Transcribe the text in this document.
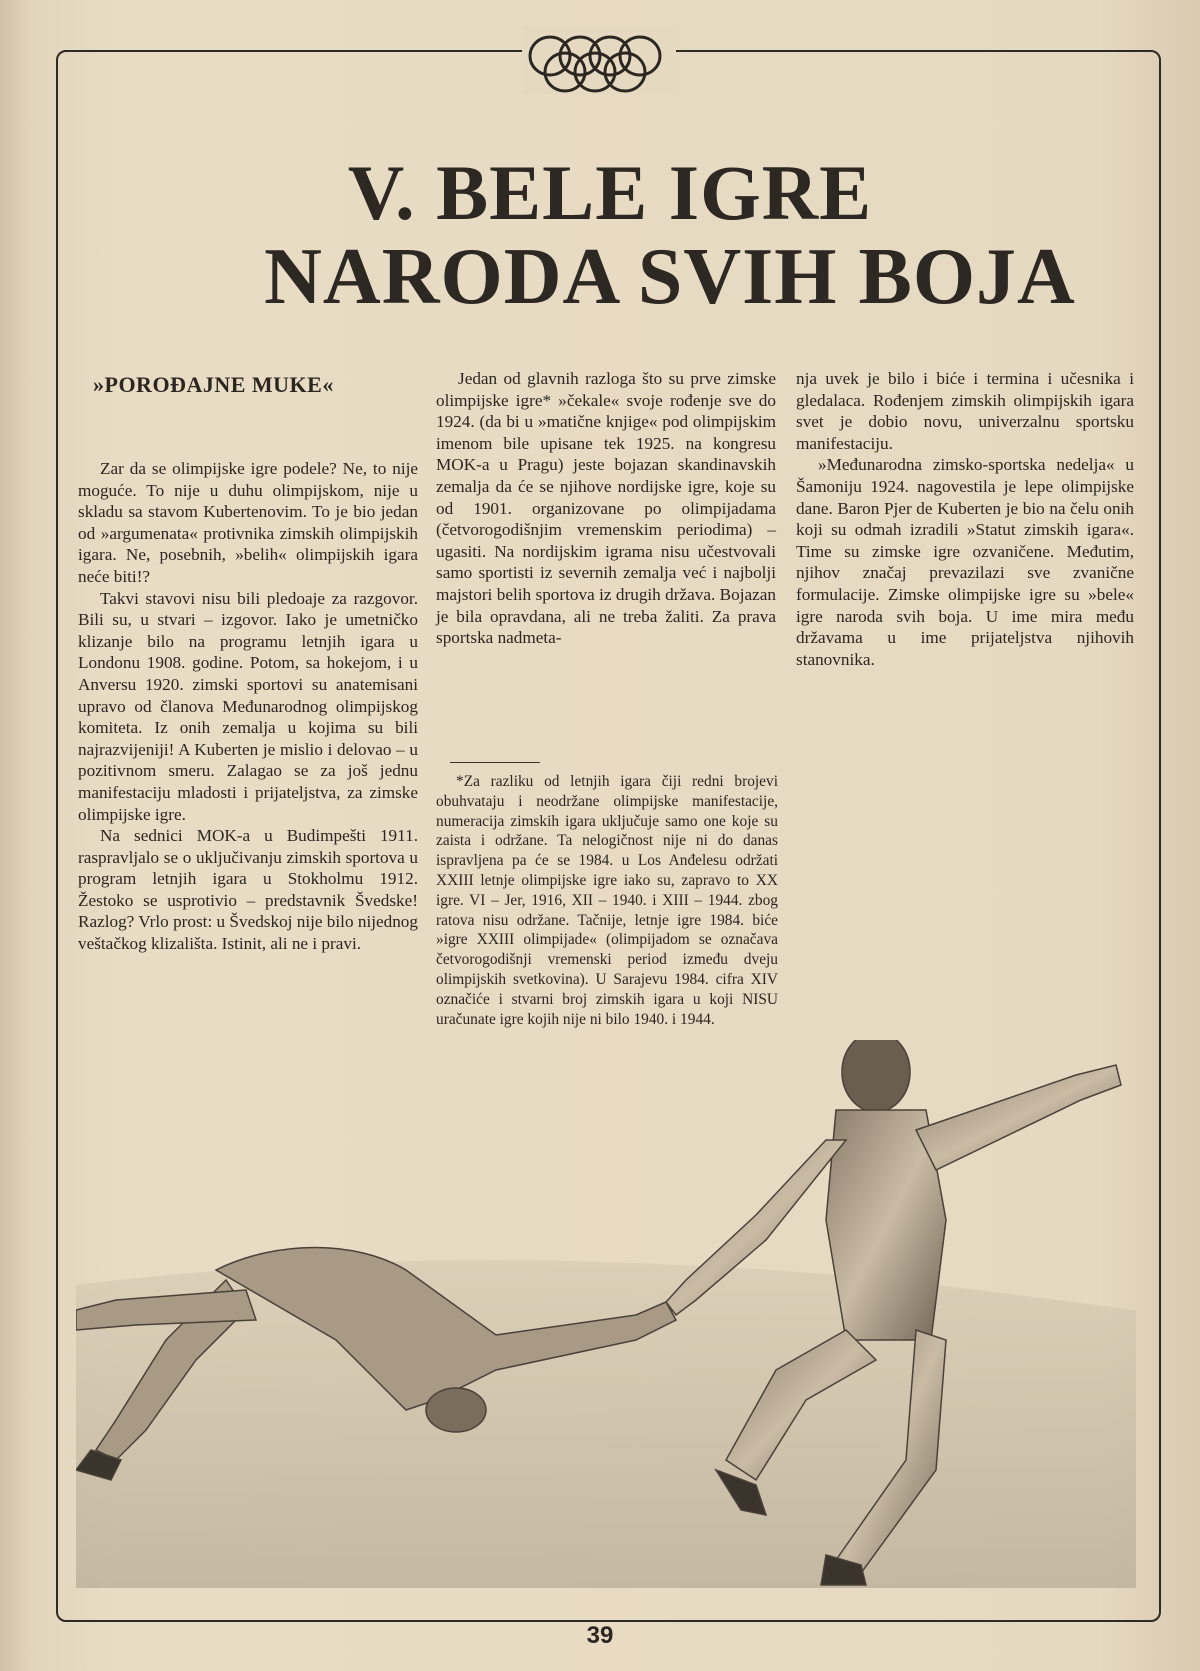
V. BELE IGRE
NARODA SVIH BOJA
»POROĐAJNE MUKE«

Zar da se olimpijske igre podele? Ne, to nije moguće. To nije u duhu olimpijskom, nije u skladu sa stavom Kubertenovim. To je bio jedan od »argumenata« protivnika zimskih olimpijskih igara. Ne, posebnih, »belih« olimpijskih igara neće biti!?

Takvi stavovi nisu bili pledoaje za razgovor. Bili su, u stvari – izgovor. Iako je umetničko klizanje bilo na programu letnjih igara u Londonu 1908. godine. Potom, sa hokejom, i u Anversu 1920. zimski sportovi su anatemisani upravo od članova Međunarodnog olimpijskog komiteta. Iz onih zemalja u kojima su bili najrazvijeniji! A Kuberten je mislio i delovao – u pozitivnom smeru. Zalagao se za još jednu manifestaciju mladosti i prijateljstva, za zimske olimpijske igre.

Na sednici MOK-a u Budimpešti 1911. raspravljalo se o uključivanju zimskih sportova u program letnjih igara u Stokholmu 1912. Žestoko se usprotivio – predstavnik Švedske! Razlog? Vrlo prost: u Švedskoj nije bilo nijednog veštačkog klizališta. Istinit, ali ne i pravi.

Jedan od glavnih razloga što su prve zimske olimpijske igre* »čekale« svoje rođenje sve do 1924. (da bi u »matične knjige« pod olimpijskim imenom bile upisane tek 1925. na kongresu MOK-a u Pragu) jeste bojazan skandinavskih zemalja da će se njihove nordijske igre, koje su od 1901. organizovane po olimpijadama (četvorogodišnjim vremenskim periodima) – ugasiti. Na nordijskim igrama nisu učestvovali samo sportisti iz severnih zemalja već i najbolji majstori belih sportova iz drugih država. Bojazan je bila opravdana, ali ne treba žaliti. Za prava sportska nadmeta-

nja uvek je bilo i biće i termina i učesnika i gledalaca. Rođenjem zimskih olimpijskih igara svet je dobio novu, univerzalnu sportsku manifestaciju.

»Međunarodna zimsko-sportska nedelja« u Šamoniju 1924. nagovestila je lepe olimpijske dane. Baron Pjer de Kuberten je bio na čelu onih koji su odmah izradili »Statut zimskih igara«. Time su zimske igre ozvaničene. Međutim, njihov značaj prevazilazi sve zvanične formulacije. Zimske olimpijske igre su »bele« igre naroda svih boja. U ime mira među državama u ime prijateljstva njihovih stanovnika.

*Za razliku od letnjih igara čiji redni brojevi obuhvataju i neodržane olimpijske manifestacije, numeracija zimskih igara uključuje samo one koje su zaista i održane. Ta nelogičnost nije ni do danas ispravljena pa će se 1984. u Los Anđelesu održati XXIII letnje olimpijske igre iako su, zapravo to XX igre. VI – Jer, 1916, XII – 1940. i XIII – 1944. zbog ratova nisu održane. Tačnije, letnje igre 1984. biće »igre XXIII olimpijade« (olimpijadom se označava četvorogodišnji vremenski period između dveju olimpijskih svetkovina). U Sarajevu 1984. cifra XIV označiće i stvarni broj zimskih igara u koji NISU uračunate igre kojih nije ni bilo 1940. i 1944.

39
